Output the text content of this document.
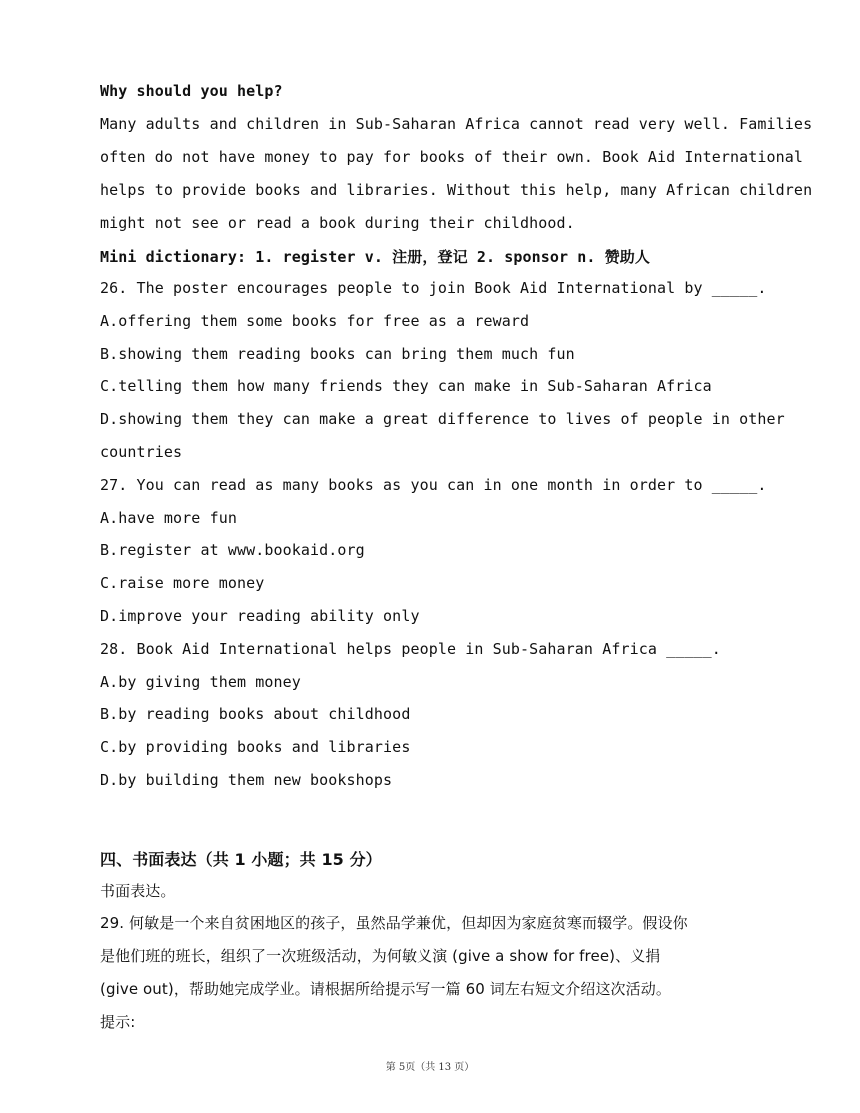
Why should you help?
Many adults and children in Sub-Saharan Africa cannot read very well. Families
often do not have money to pay for books of their own. Book Aid International
helps to provide books and libraries. Without this help, many African children
might not see or read a book during their childhood.
Mini dictionary: 1. register v. 注册，登记 2. sponsor n. 赞助人
26. The poster encourages people to join Book Aid International by _____.
A.offering them some books for free as a reward
B.showing them reading books can bring them much fun
C.telling them how many friends they can make in Sub-Saharan Africa
D.showing them they can make a great difference to lives of people in other
countries
27. You can read as many books as you can in one month in order to _____.
A.have more fun
B.register at www.bookaid.org
C.raise more money
D.improve your reading ability only
28. Book Aid International helps people in Sub-Saharan Africa _____.
A.by giving them money
B.by reading books about childhood
C.by providing books and libraries
D.by building them new bookshops
四、书面表达（共 1 小题；共 15 分）
书面表达。
29. 何敏是一个来自贫困地区的孩子，虽然品学兼优，但却因为家庭贫寒而辍学。假设你
是他们班的班长，组织了一次班级活动，为何敏义演 (give a show for free)、义捐
(give out)，帮助她完成学业。请根据所给提示写一篇 60 词左右短文介绍这次活动。
提示:
第 5页（共 13 页）
